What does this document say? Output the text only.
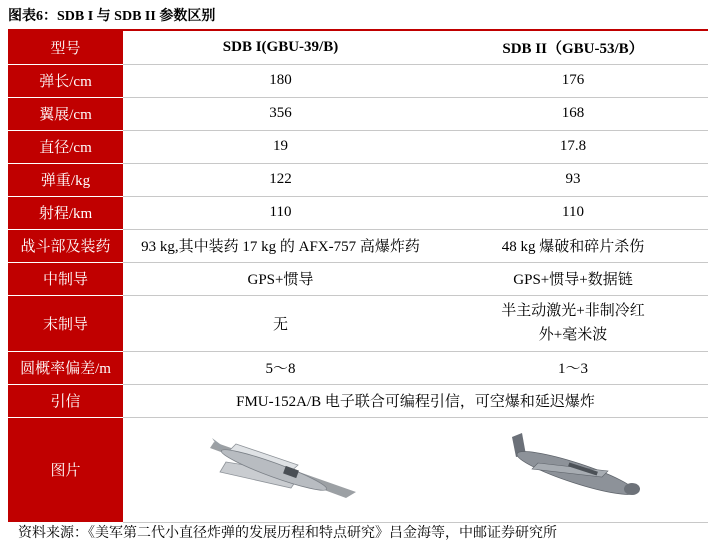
图表6：SDB I 与 SDB II 参数区别
型号	SDB I(GBU-39/B)	SDB II（GBU-53/B）
弹长/cm	180	176
翼展/cm	356	168
直径/cm	19	17.8
弹重/kg	122	93
射程/km	110	110
战斗部及装药	93 kg,其中装药 17 kg 的 AFX-757 高爆炸药	48 kg 爆破和碎片杀伤
中制导	GPS+惯导	GPS+惯导+数据链
末制导	无	半主动激光+非制冷红
外+毫米波

圆概率偏差/m	5～8	1～3
引信	FMU-152A/B 电子联合可编程引信，可空爆和延迟爆炸	
图片		
资料来源：《美军第二代小直径炸弹的发展历程和特点研究》吕金海等，中邮证券研究所
